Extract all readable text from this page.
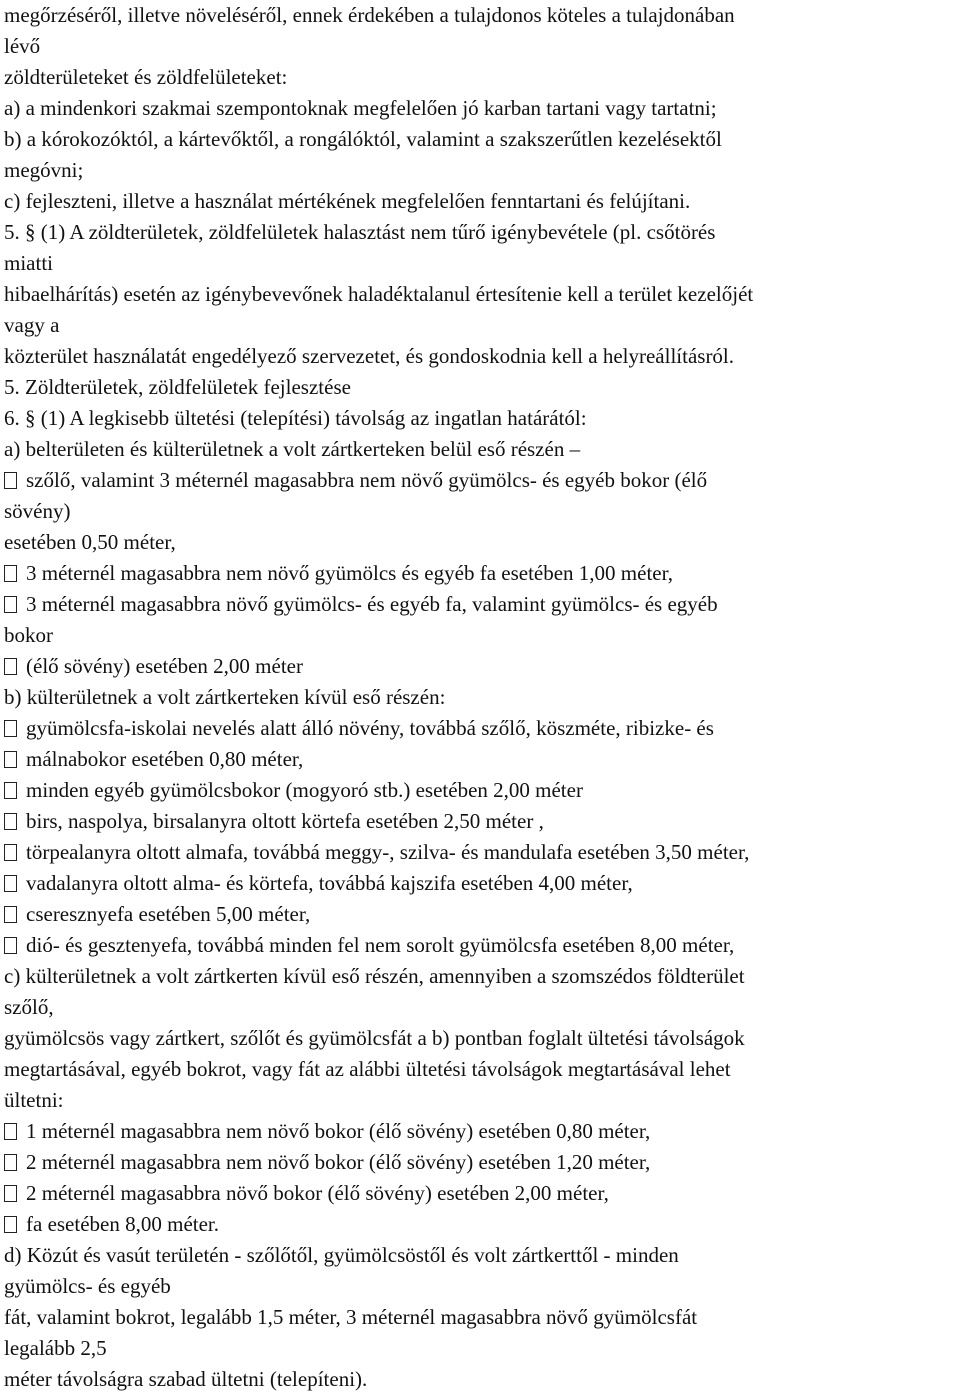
megőrzéséről, illetve növeléséről, ennek érdekében a tulajdonos köteles a tulajdonában
lévő
zöldterületeket és zöldfelületeket:
a) a mindenkori szakmai szempontoknak megfelelően jó karban tartani vagy tartatni;
b) a kórokozóktól, a kártevőktől, a rongálóktól, valamint a szakszerűtlen kezelésektől
megóvni;
c) fejleszteni, illetve a használat mértékének megfelelően fenntartani és felújítani.
5. § (1) A zöldterületek, zöldfelületek halasztást nem tűrő igénybevétele (pl. csőtörés
miatti
hibaelhárítás) esetén az igénybevevőnek haladéktalanul értesítenie kell a terület kezelőjét
vagy a
közterület használatát engedélyező szervezetet, és gondoskodnia kell a helyreállításról.
5. Zöldterületek, zöldfelületek fejlesztése
6. § (1) A legkisebb ültetési (telepítési) távolság az ingatlan határától:
a) belterületen és külterületnek a volt zártkerteken belül eső részén –
szőlő, valamint 3 méternél magasabbra nem növő gyümölcs- és egyéb bokor (élő
sövény)
esetében 0,50 méter,
3 méternél magasabbra nem növő gyümölcs és egyéb fa esetében 1,00 méter,
3 méternél magasabbra növő gyümölcs- és egyéb fa, valamint gyümölcs- és egyéb
bokor
(élő sövény) esetében 2,00 méter
b) külterületnek a volt zártkerteken kívül eső részén:
gyümölcsfa-iskolai nevelés alatt álló növény, továbbá szőlő, köszméte, ribizke- és
málnabokor esetében 0,80 méter,
minden egyéb gyümölcsbokor (mogyoró stb.) esetében 2,00 méter
birs, naspolya, birsalanyra oltott körtefa esetében 2,50 méter ,
törpealanyra oltott almafa, továbbá meggy-, szilva- és mandulafa esetében 3,50 méter,
vadalanyra oltott alma- és körtefa, továbbá kajszifa esetében 4,00 méter,
cseresznyefa esetében 5,00 méter,
dió- és gesztenyefa, továbbá minden fel nem sorolt gyümölcsfa esetében 8,00 méter,
c) külterületnek a volt zártkerten kívül eső részén, amennyiben a szomszédos földterület
szőlő,
gyümölcsös vagy zártkert, szőlőt és gyümölcsfát a b) pontban foglalt ültetési távolságok
megtartásával, egyéb bokrot, vagy fát az alábbi ültetési távolságok megtartásával lehet
ültetni:
1 méternél magasabbra nem növő bokor (élő sövény) esetében 0,80 méter,
2 méternél magasabbra nem növő bokor (élő sövény) esetében 1,20 méter,
2 méternél magasabbra növő bokor (élő sövény) esetében 2,00 méter,
fa esetében 8,00 méter.
d) Közút és vasút területén - szőlőtől, gyümölcsöstől és volt zártkerttől - minden
gyümölcs- és egyéb
fát, valamint bokrot, legalább 1,5 méter, 3 méternél magasabbra növő gyümölcsfát
legalább 2,5
méter távolságra szabad ültetni (telepíteni).
